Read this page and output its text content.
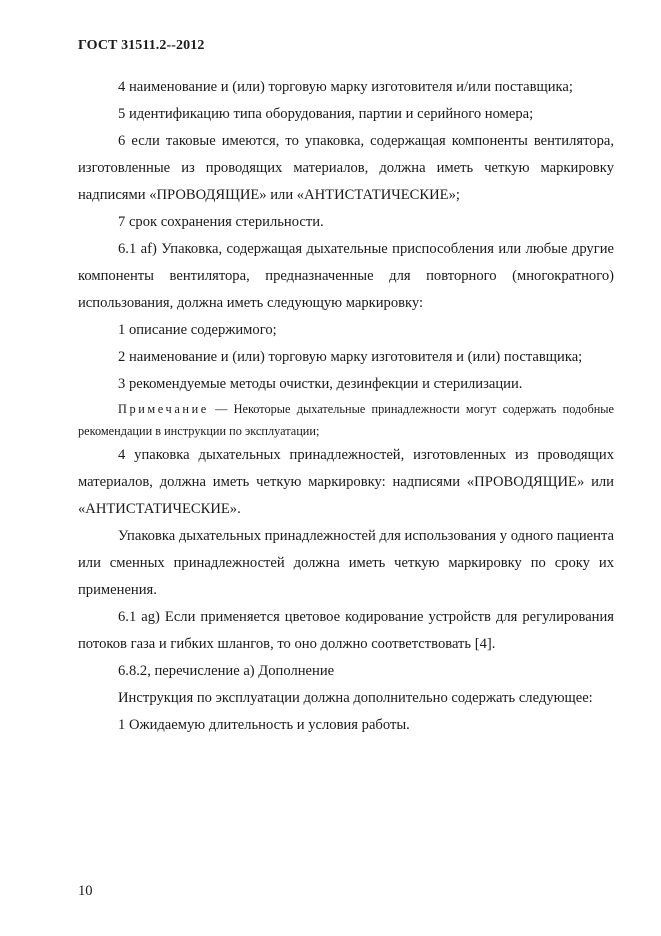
ГОСТ 31511.2--2012

4 наименование и (или) торговую марку изготовителя и/или поставщика;

5 идентификацию типа оборудования, партии и серийного номера;

6 если таковые имеются, то упаковка, содержащая компоненты вентилятора, изготовленные из проводящих материалов, должна иметь четкую маркировку надписями «ПРОВОДЯЩИЕ» или «АНТИСТАТИЧЕСКИЕ»;

7 срок сохранения стерильности.

6.1 af) Упаковка, содержащая дыхательные приспособления или любые другие компоненты вентилятора, предназначенные для повторного (многократного) использования, должна иметь следующую маркировку:

1 описание содержимого;

2 наименование и (или) торговую марку изготовителя и (или) поставщика;

3 рекомендуемые методы очистки, дезинфекции и стерилизации.

Примечание — Некоторые дыхательные принадлежности могут содержать подобные рекомендации в инструкции по эксплуатации;

4 упаковка дыхательных принадлежностей, изготовленных из проводящих материалов, должна иметь четкую маркировку: надписями «ПРОВОДЯЩИЕ» или «АНТИСТАТИЧЕСКИЕ».

Упаковка дыхательных принадлежностей для использования у одного пациента или сменных принадлежностей должна иметь четкую маркировку по сроку их применения.

6.1 ag) Если применяется цветовое кодирование устройств для регулирования потоков газа и гибких шлангов, то оно должно соответствовать [4].

6.8.2, перечисление а) Дополнение

Инструкция по эксплуатации должна дополнительно содержать следующее:

1 Ожидаемую длительность и условия работы.

10
